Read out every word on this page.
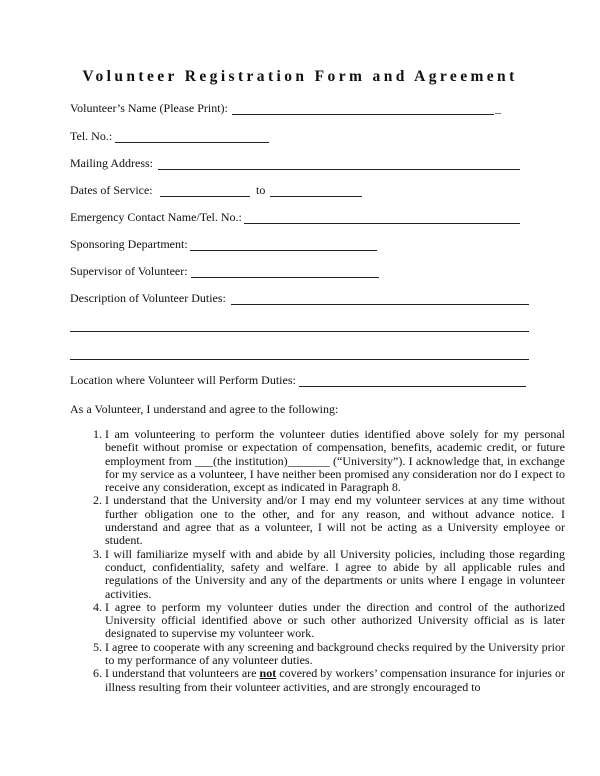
Volunteer Registration Form and Agreement
Volunteer’s Name (Please Print):	_
Tel. No.:
Mailing Address:
Dates of Service:	to
Emergency Contact Name/Tel. No.:
Sponsoring Department:
Supervisor of Volunteer:
Description of Volunteer Duties:
Location where Volunteer will Perform Duties:
As a Volunteer, I understand and agree to the following:
1. I am volunteering to perform the volunteer duties identified above solely for my personal benefit without promise or expectation of compensation, benefits, academic credit, or future employment from ___(the institution)_______ (“University”). I acknowledge that, in exchange for my service as a volunteer, I have neither been promised any consideration nor do I expect to receive any consideration, except as indicated in Paragraph 8.
2. I understand that the University and/or I may end my volunteer services at any time without further obligation one to the other, and for any reason, and without advance notice. I understand and agree that as a volunteer, I will not be acting as a University employee or student.
3. I will familiarize myself with and abide by all University policies, including those regarding conduct, confidentiality, safety and welfare. I agree to abide by all applicable rules and regulations of the University and any of the departments or units where I engage in volunteer activities.
4. I agree to perform my volunteer duties under the direction and control of the authorized University official identified above or such other authorized University official as is later designated to supervise my volunteer work.
5. I agree to cooperate with any screening and background checks required by the University prior to my performance of any volunteer duties.
6. I understand that volunteers are not covered by workers’ compensation insurance for injuries or illness resulting from their volunteer activities, and are strongly encouraged to
